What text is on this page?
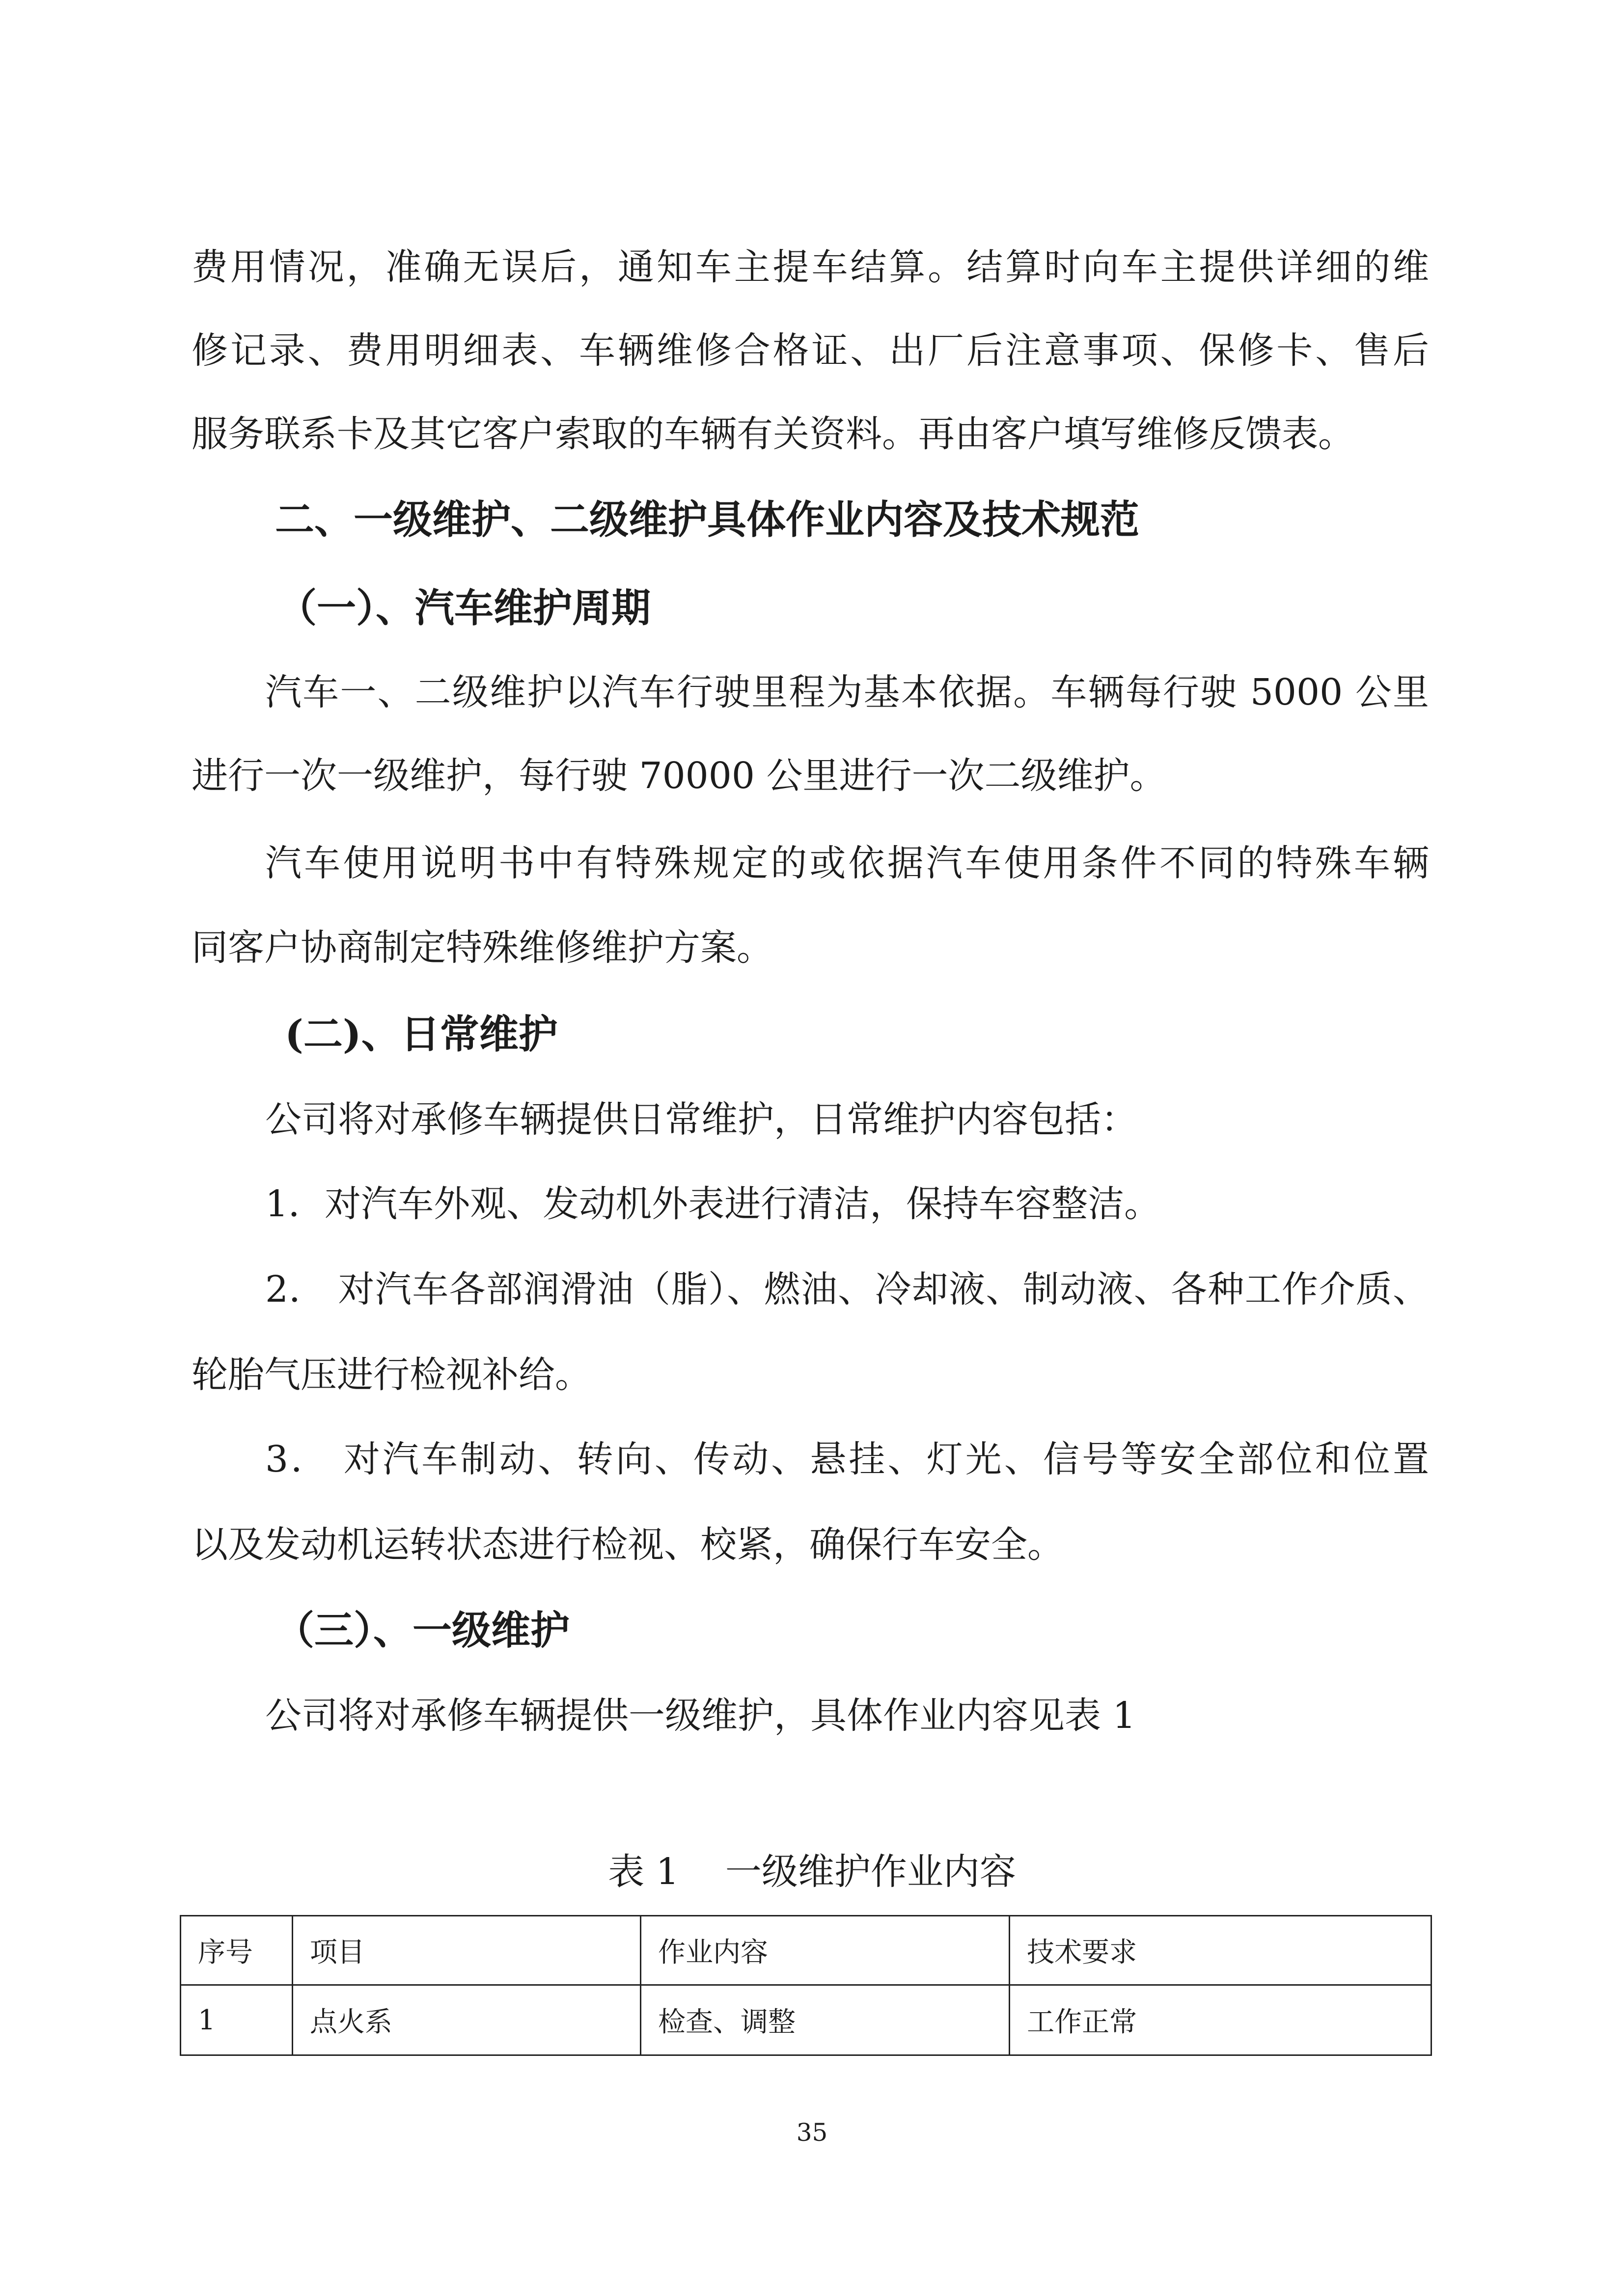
费用情况，准确无误后，通知车主提车结算。结算时向车主提供详细的维
修记录、费用明细表、车辆维修合格证、出厂后注意事项、保修卡、售后
服务联系卡及其它客户索取的车辆有关资料。再由客户填写维修反馈表。
二、一级维护、二级维护具体作业内容及技术规范
（一）、汽车维护周期
汽车一、二级维护以汽车行驶里程为基本依据。车辆每行驶 5000 公里
进行一次一级维护，每行驶 70000 公里进行一次二级维护。
汽车使用说明书中有特殊规定的或依据汽车使用条件不同的特殊车辆
同客户协商制定特殊维修维护方案。
(二)、日常维护
公司将对承修车辆提供日常维护，日常维护内容包括：
1．对汽车外观、发动机外表进行清洁，保持车容整洁。
2． 对汽车各部润滑油（脂）、燃油、冷却液、制动液、各种工作介质、
轮胎气压进行检视补给。
3． 对汽车制动、转向、传动、悬挂、灯光、信号等安全部位和位置
以及发动机运转状态进行检视、校紧，确保行车安全。
（三）、一级维护
公司将对承修车辆提供一级维护，具体作业内容见表 1
表 1    一级维护作业内容
序号	项目	作业内容	技术要求
1	点火系	检查、调整	工作正常
35
